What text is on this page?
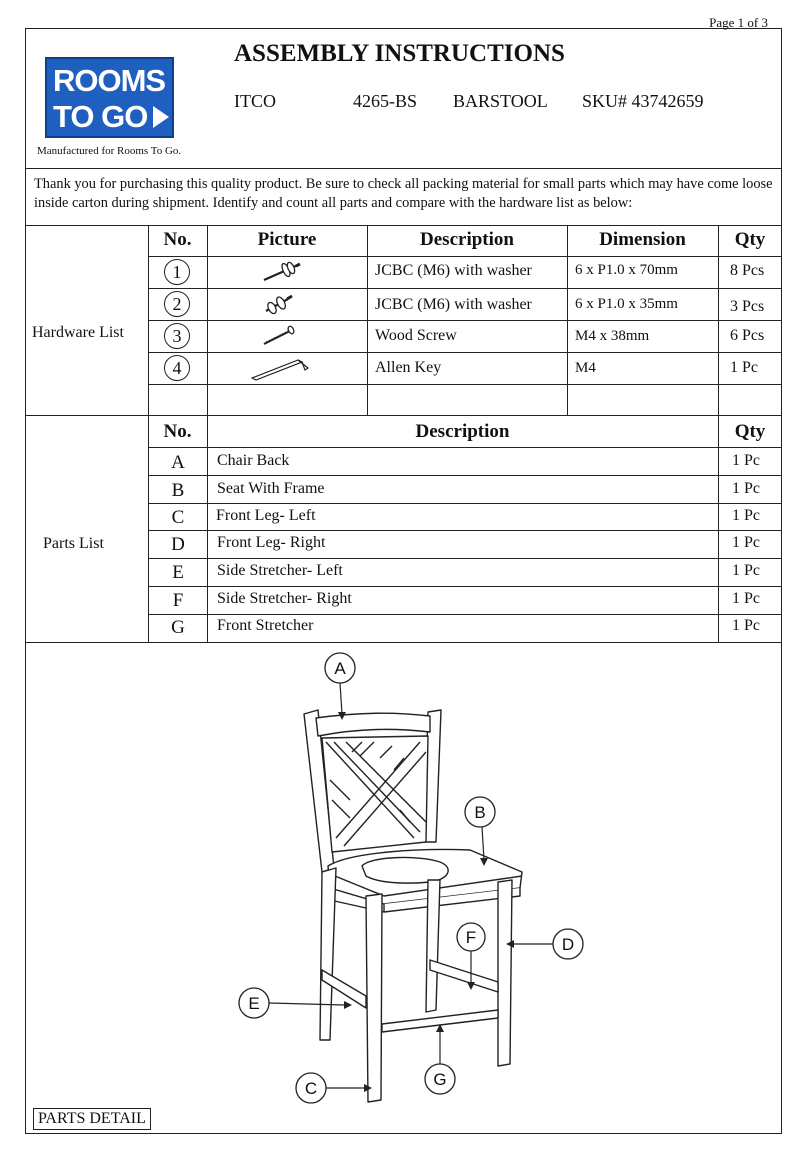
Page 1 of 3
ROOMS
TO GO
Manufactured for Rooms To Go.
ASSEMBLY INSTRUCTIONS
ITCO	4265-BS BARSTOOL SKU# 43742659
Thank you for purchasing this quality product. Be sure to check all packing material for small parts which may have come loose inside carton during shipment. Identify and count all parts and compare with the hardware list as below:
Hardware List
No.	Picture	Description	Dimension	Qty
1	JCBC (M6) with washer	6 x P1.0 x 70mm	8 Pcs
2	JCBC (M6) with washer	6 x P1.0 x 35mm	3 Pcs
3	Wood Screw	M4 x 38mm	6 Pcs
4	Allen Key	M4	1 Pc
Parts List
No.	Description	Qty
A	Chair Back	1 Pc
B	Seat With Frame	1 Pc
C	Front Leg- Left	1 Pc
D	Front Leg- Right	1 Pc
E	Side Stretcher- Left	1 Pc
F	Side Stretcher- Right	1 Pc
G	Front Stretcher	1 Pc
A
B
F	D
E
G
C
PARTS DETAIL
